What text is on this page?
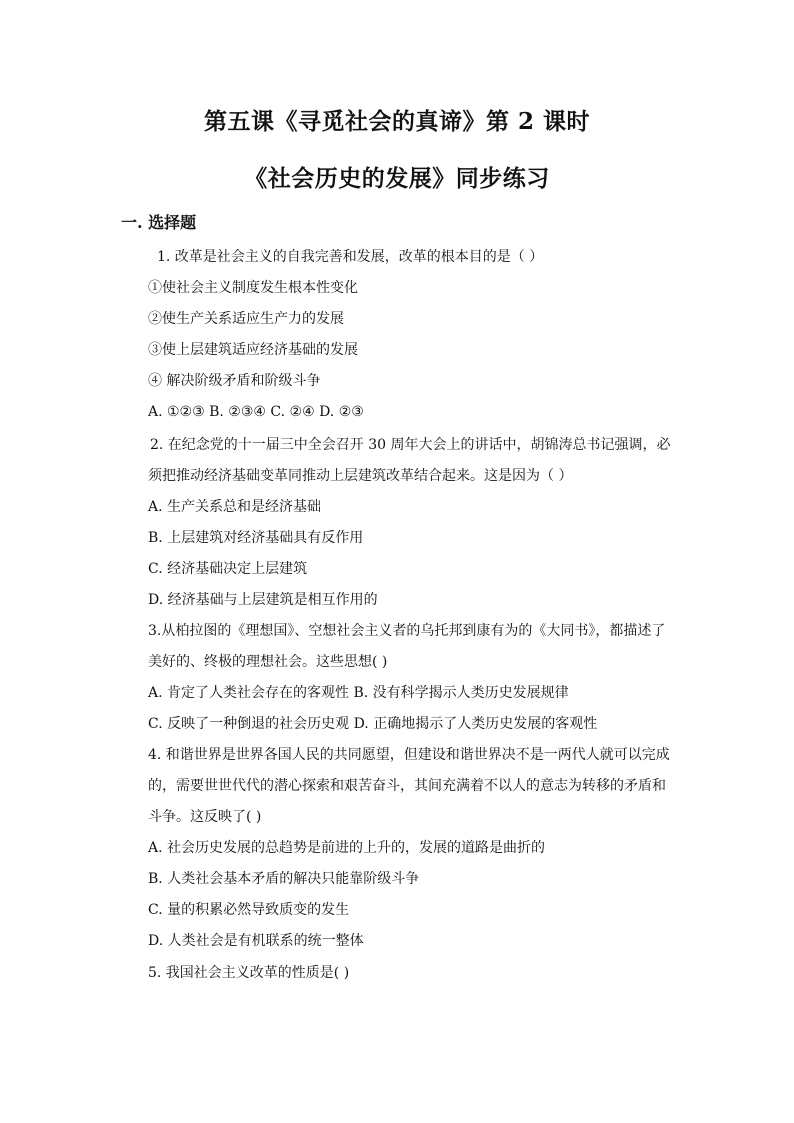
第五课《寻觅社会的真谛》第 2 课时
《社会历史的发展》同步练习
一. 选择题
1. 改革是社会主义的自我完善和发展，改革的根本目的是（ ）
①使社会主义制度发生根本性变化
②使生产关系适应生产力的发展
③使上层建筑适应经济基础的发展
④ 解决阶级矛盾和阶级斗争
A. ①②③ B. ②③④ C. ②④ D. ②③
2. 在纪念党的十一届三中全会召开 30 周年大会上的讲话中，胡锦涛总书记强调，必
须把推动经济基础变革同推动上层建筑改革结合起来。这是因为（ ）
A. 生产关系总和是经济基础
B. 上层建筑对经济基础具有反作用
C. 经济基础决定上层建筑
D. 经济基础与上层建筑是相互作用的
3.从柏拉图的《理想国》、空想社会主义者的乌托邦到康有为的《大同书》，都描述了
美好的、终极的理想社会。这些思想( )
A. 肯定了人类社会存在的客观性 B. 没有科学揭示人类历史发展规律
C. 反映了一种倒退的社会历史观 D. 正确地揭示了人类历史发展的客观性
4. 和谐世界是世界各国人民的共同愿望，但建设和谐世界决不是一两代人就可以完成
的，需要世世代代的潜心探索和艰苦奋斗，其间充满着不以人的意志为转移的矛盾和
斗争。这反映了( )
A. 社会历史发展的总趋势是前进的上升的，发展的道路是曲折的
B. 人类社会基本矛盾的解决只能靠阶级斗争
C. 量的积累必然导致质变的发生
D. 人类社会是有机联系的统一整体
5. 我国社会主义改革的性质是( )
